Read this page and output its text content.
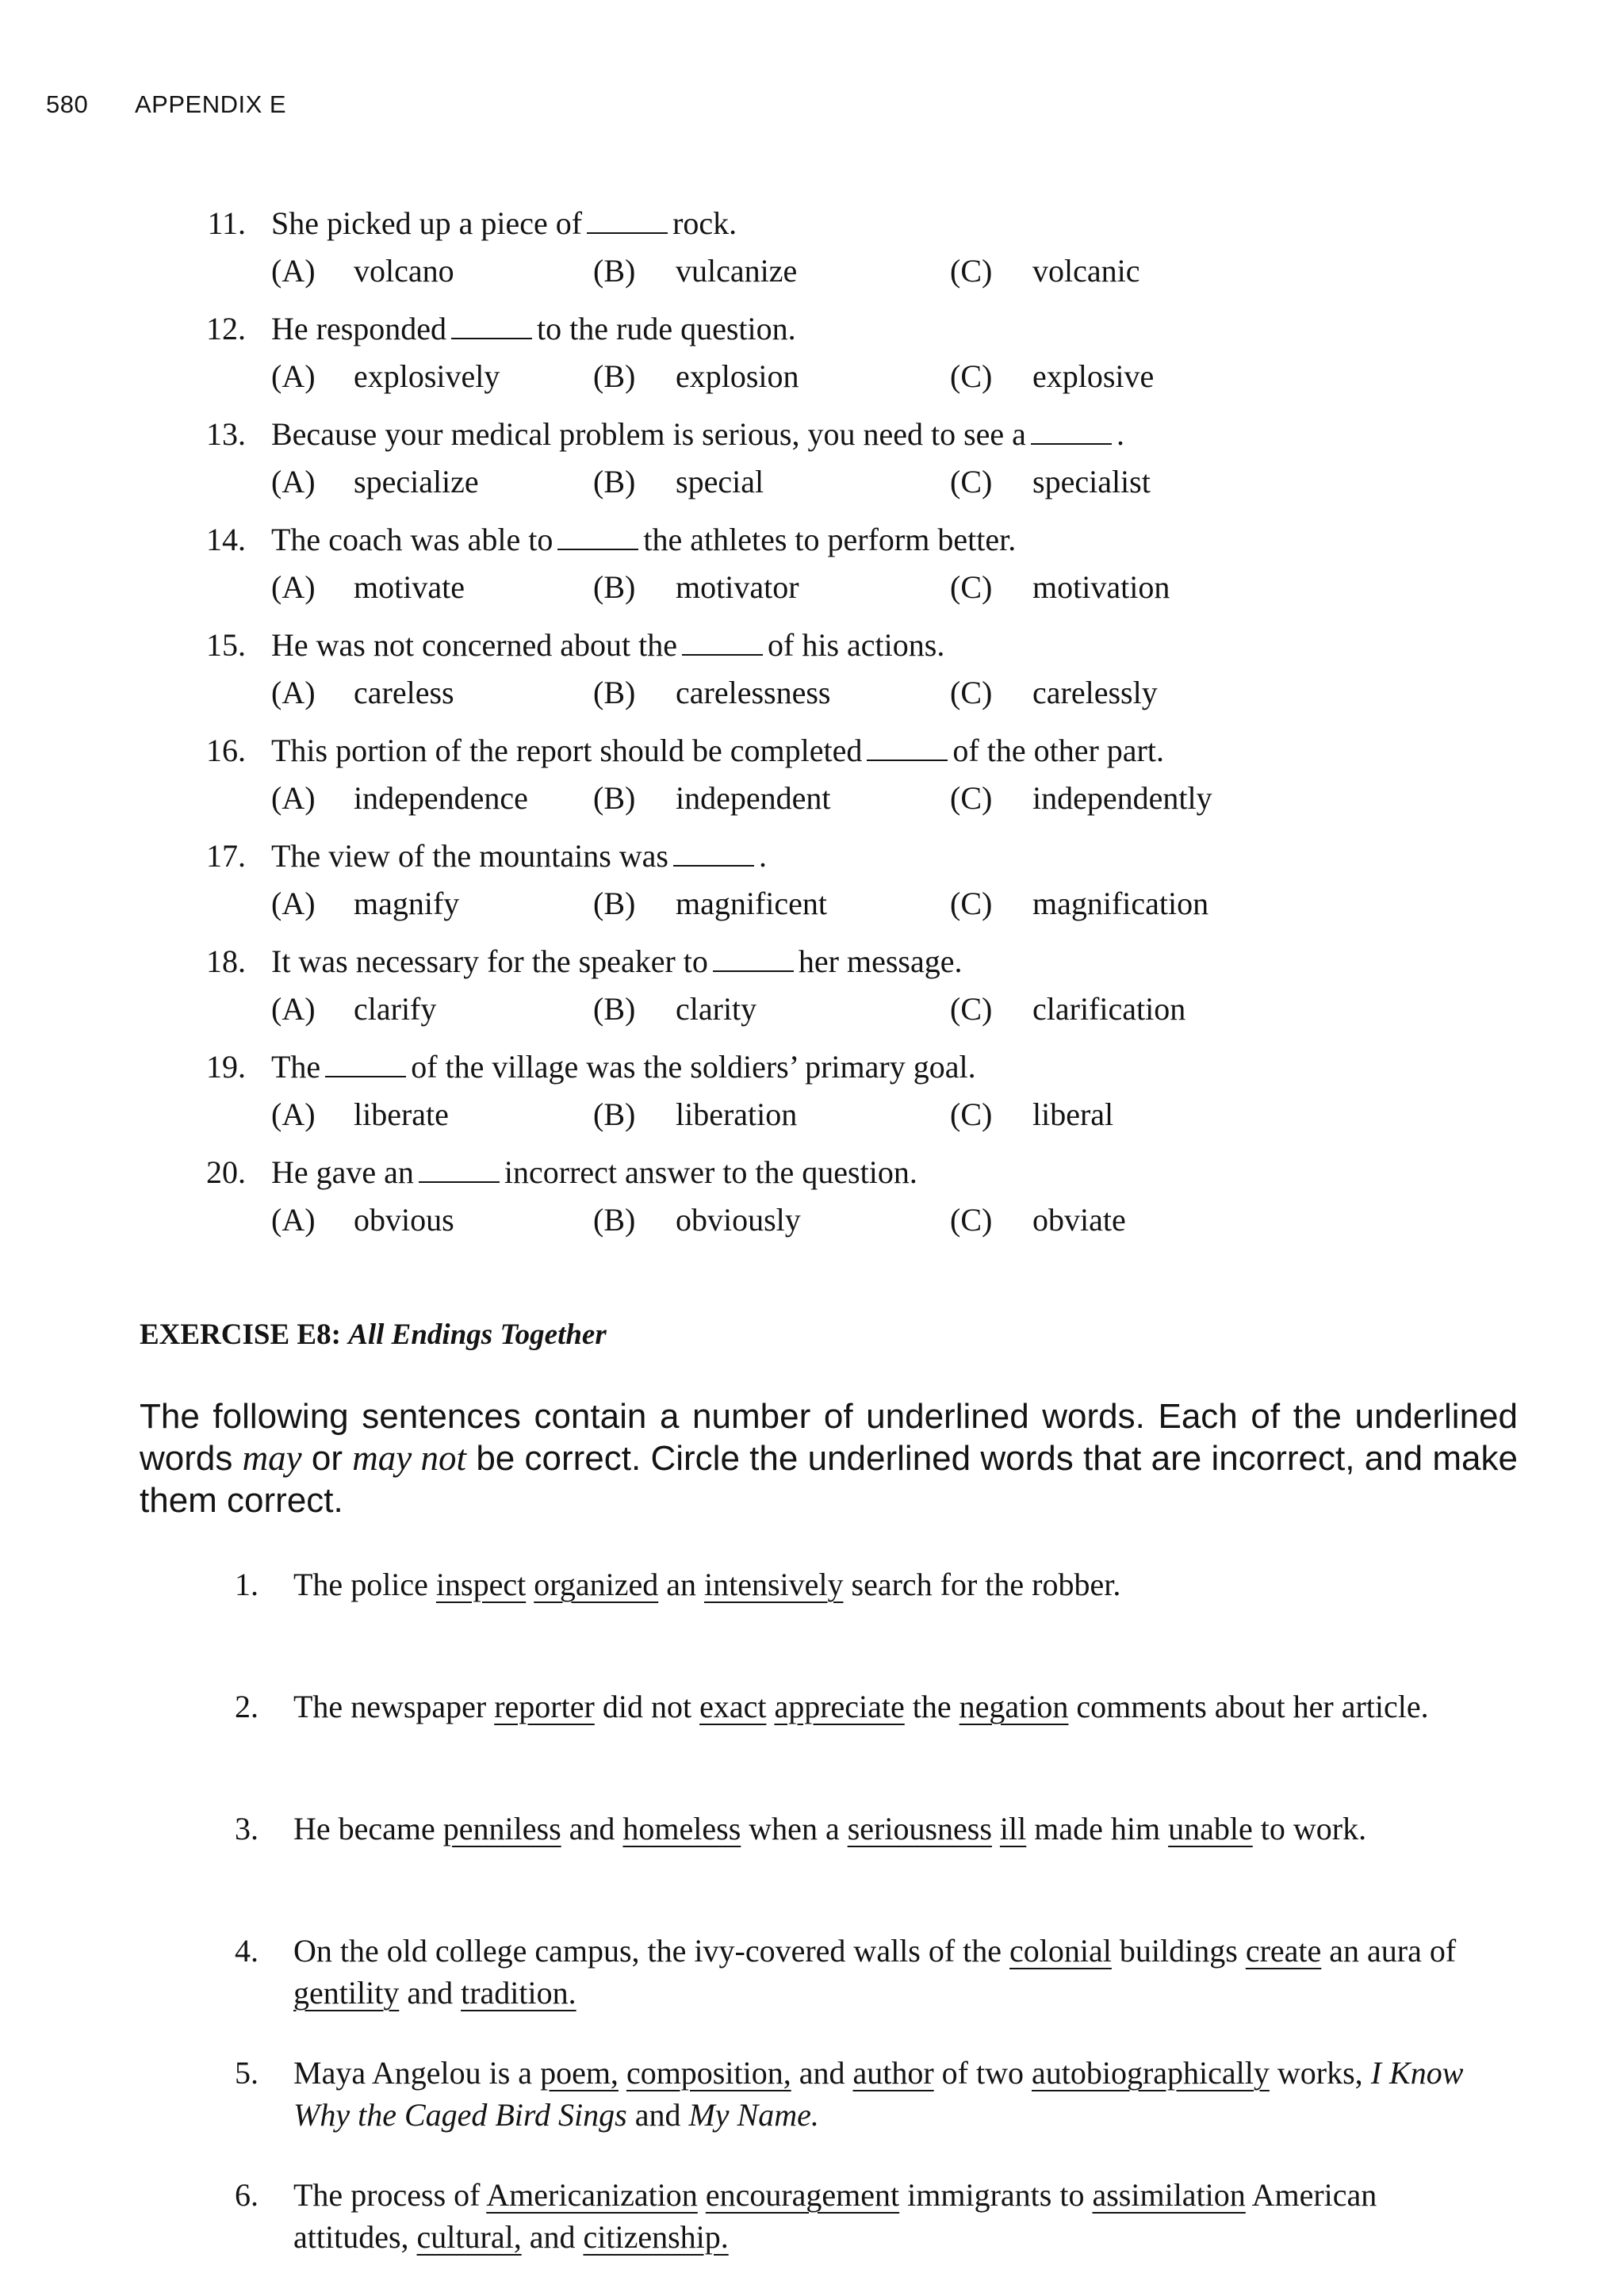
580 APPENDIX E
11. She picked up a piece of	rock.
(A) volcano	(B) vulcanize	(C) volcanic
12. He responded	to the rude question.
(A) explosively	(B) explosion	(C) explosive
13. Because your medical problem is serious, you need to see a	.
(A) specialize	(B) special	(C) specialist
14. The coach was able to	the athletes to perform better.
(A) motivate	(B) motivator	(C) motivation
15. He was not concerned about the	of his actions.
(A) careless	(B) carelessness	(C) carelessly
16. This portion of the report should be completed	of the other part.
(A) independence (B) independent	(C) independently
17. The view of the mountains was	.
(A) magnify	(B) magnificent	(C) magnification
18. It was necessary for the speaker to	her message.
(A) clarify	(B) clarity	(C) clarification
19. The	of the village was the soldiers’ primary goal.
(A) liberate	(B) liberation	(C) liberal
20. He gave an	incorrect answer to the question.
(A) obvious	(B) obviously	(C) obviate
EXERCISE E8: All Endings Together
The following sentences contain a number of underlined words. Each of the underlined words may or may not be correct. Circle the underlined words that are incorrect, and make them correct.
1. The police inspect organized an intensively search for the robber.
2. The newspaper reporter did not exact appreciate the negation comments about her article.
3. He became penniless and homeless when a seriousness ill made him unable to work.
4. On the old college campus, the ivy-covered walls of the colonial buildings create an aura of gentility and tradition.
5. Maya Angelou is a poem, composition, and author of two autobiographically works, I Know Why the Caged Bird Sings and My Name.
6. The process of Americanization encouragement immigrants to assimilation American attitudes, cultural, and citizenship.
